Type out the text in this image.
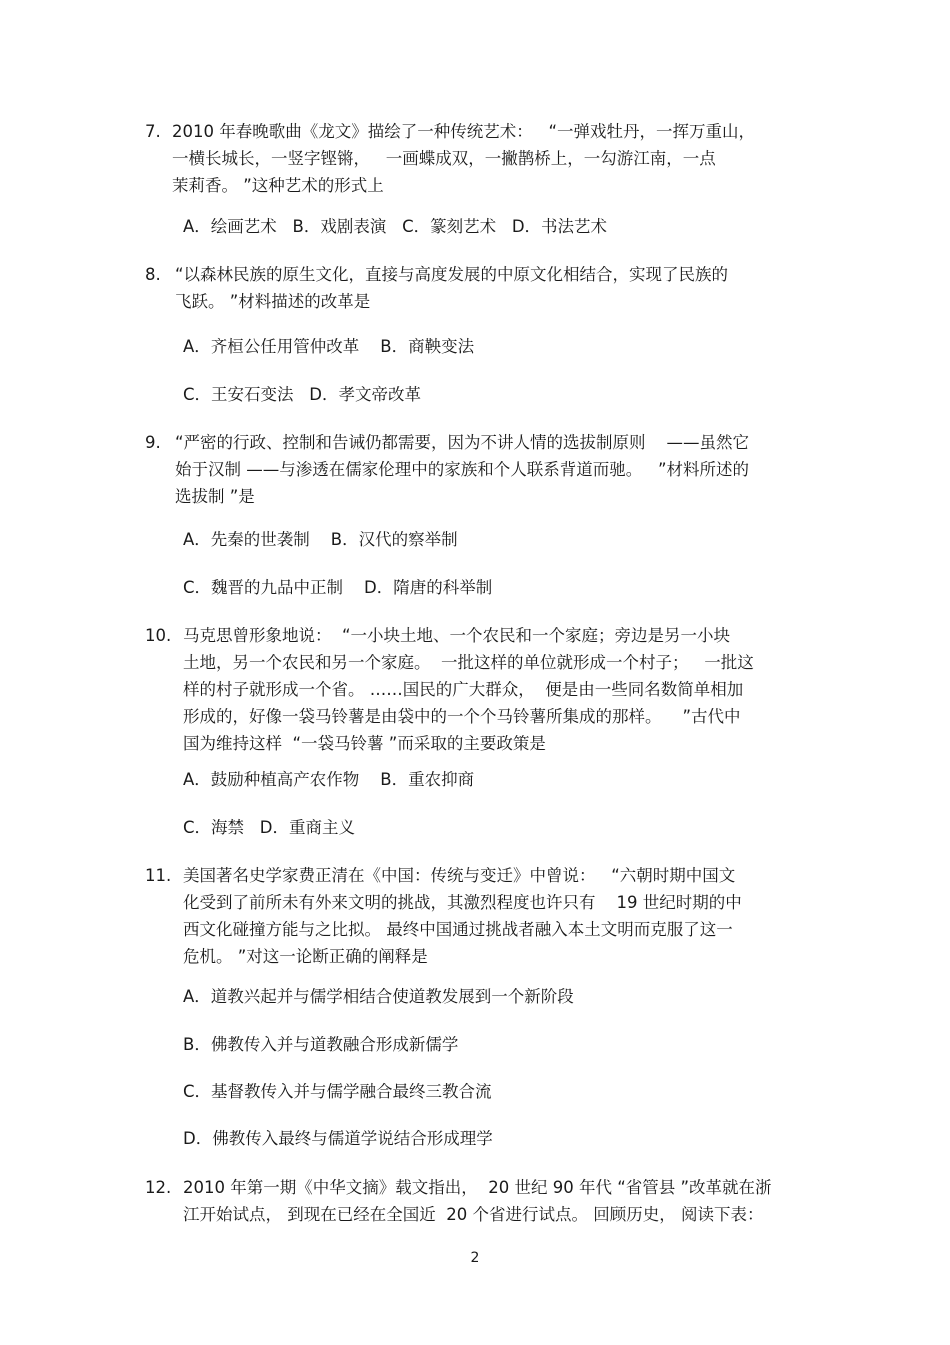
7. 2010 年春晚歌曲《龙文》描绘了一种传统艺术：   “一弹戏牡丹，一挥万重山，
一横长城长，一竖字铿锵，   一画蝶成双，一撇鹊桥上，一勾游江南，一点
茉莉香。 ”这种艺术的形式上
A．绘画艺术   B．戏剧表演   C．篆刻艺术   D．书法艺术
8. “以森林民族的原生文化，直接与高度发展的中原文化相结合，实现了民族的
飞跃。 ”材料描述的改革是
A．齐桓公任用管仲改革    B．商鞅变法
C．王安石变法   D．孝文帝改革
9. “严密的行政、控制和告诫仍都需要，因为不讲人情的选拔制原则    ——虽然它
始于汉制 ——与渗透在儒家伦理中的家族和个人联系背道而驰。   ”材料所述的
选拔制 ”是
A．先秦的世袭制    B．汉代的察举制
C．魏晋的九品中正制    D．隋唐的科举制
10. 马克思曾形象地说：  “一小块土地、一个农民和一个家庭；旁边是另一小块
土地，另一个农民和另一个家庭。  一批这样的单位就形成一个村子；   一批这
样的村子就形成一个省。 ……国民的广大群众，  便是由一些同名数简单相加
形成的，好像一袋马铃薯是由袋中的一个个马铃薯所集成的那样。    ”古代中
国为维持这样  “一袋马铃薯 ”而采取的主要政策是
A．鼓励种植高产农作物    B．重农抑商
C．海禁   D．重商主义
11. 美国著名史学家费正清在《中国：传统与变迁》中曾说：   “六朝时期中国文
化受到了前所未有外来文明的挑战，其激烈程度也许只有    19 世纪时期的中
西文化碰撞方能与之比拟。 最终中国通过挑战者融入本土文明而克服了这一
危机。 ”对这一论断正确的阐释是
A．道教兴起并与儒学相结合使道教发展到一个新阶段
B．佛教传入并与道教融合形成新儒学
C．基督教传入并与儒学融合最终三教合流
D．佛教传入最终与儒道学说结合形成理学
12. 2010 年第一期《中华文摘》载文指出，  20 世纪 90 年代 “省管县 ”改革就在浙
江开始试点， 到现在已经在全国近  20 个省进行试点。 回顾历史， 阅读下表：
2
